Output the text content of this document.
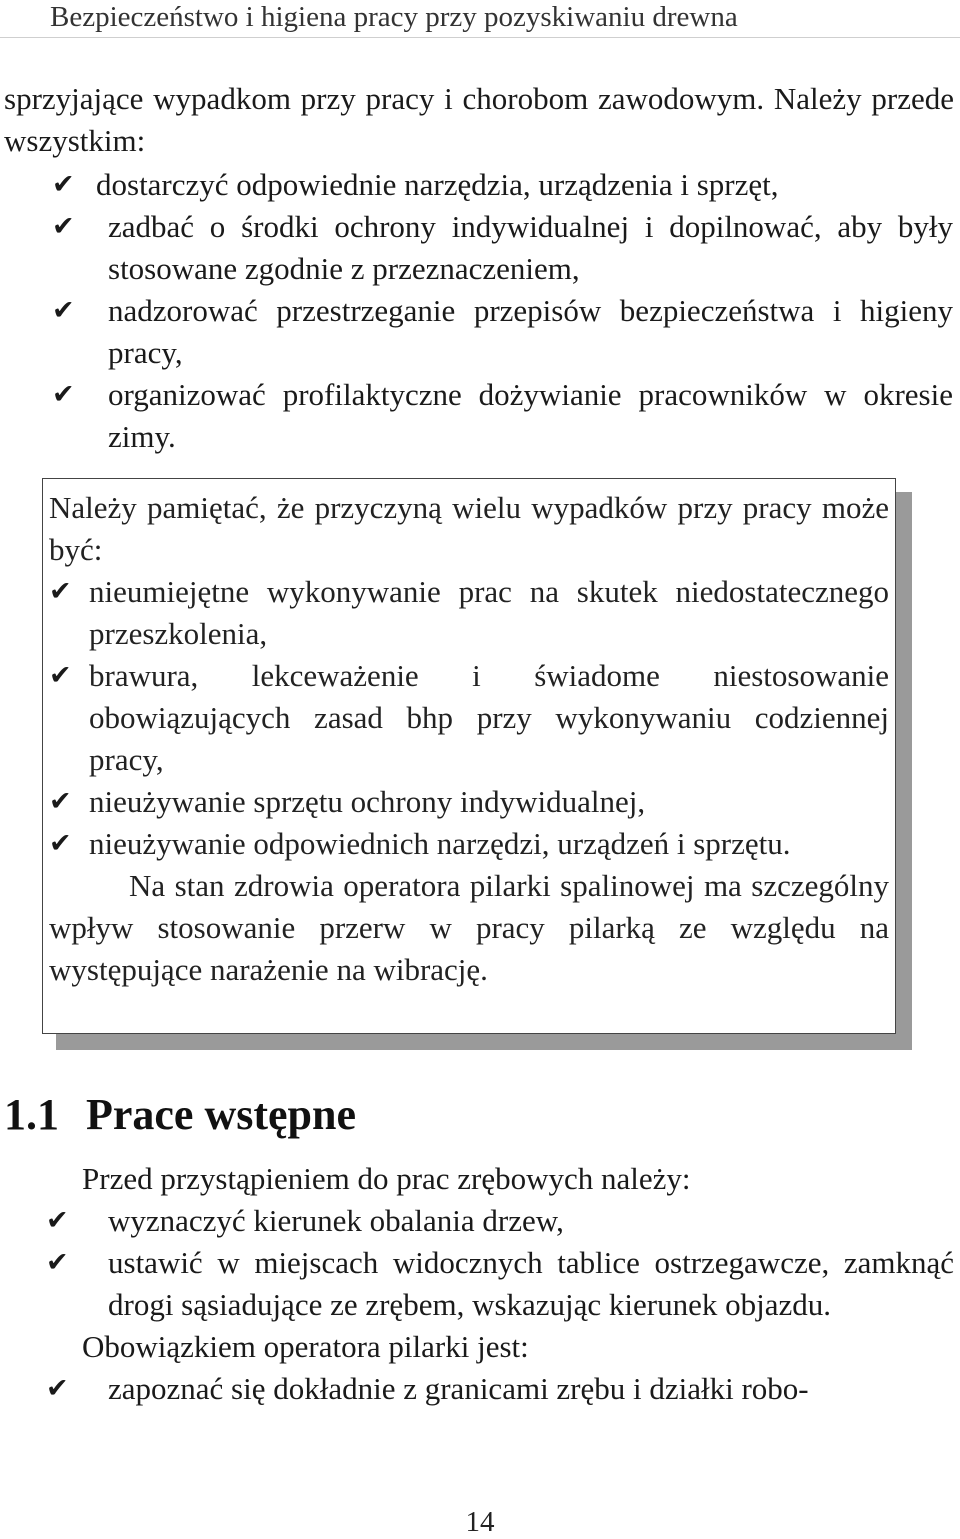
Bezpieczeństwo i higiena pracy przy pozyskiwaniu drewna
sprzyjające wypadkom przy pracy i chorobom zawodowym. Należy przede wszystkim:
✔ dostarczyć odpowiednie narzędzia, urządzenia i sprzęt,
✔ zadbać o środki ochrony indywidualnej i dopilnować, aby były stosowane zgodnie z przeznaczeniem,
✔ nadzorować przestrzeganie przepisów bezpieczeństwa i higieny pracy,
✔ organizować profilaktyczne dożywianie pracowników w okresie zimy.
Należy pamiętać, że przyczyną wielu wypadków przy pracy może być:
✔ nieumiejętne wykonywanie prac na skutek niedostatecznego przeszkolenia,
✔ brawura, lekceważenie i świadome niestosowanie obowiązujących zasad bhp przy wykonywaniu codziennej pracy,
✔ nieużywanie sprzętu ochrony indywidualnej,
✔ nieużywanie odpowiednich narzędzi, urządzeń i sprzętu.
Na stan zdrowia operatora pilarki spalinowej ma szczególny wpływ stosowanie przerw w pracy pilarką ze względu na występujące narażenie na wibrację.
1.1 Prace wstępne
Przed przystąpieniem do prac zrębowych należy:
✔ wyznaczyć kierunek obalania drzew,
✔ ustawić w miejscach widocznych tablice ostrzegawcze, zamknąć drogi sąsiadujące ze zrębem, wskazując kierunek objazdu.
Obowiązkiem operatora pilarki jest:
✔ zapoznać się dokładnie z granicami zrębu i działki robo-
14
